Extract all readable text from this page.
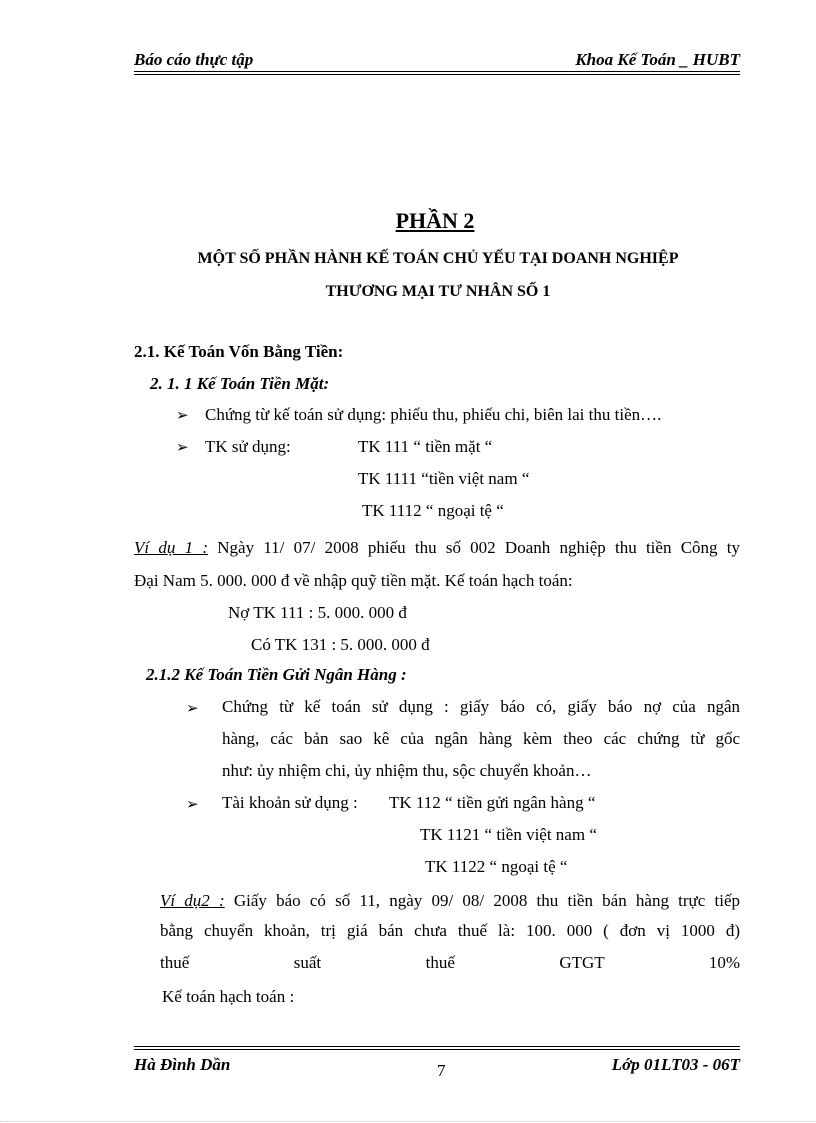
Báo cáo thực tập	Khoa Kế Toán _ HUBT
PHẦN 2
MỘT SỐ PHẦN HÀNH KẾ TOÁN CHỦ YẾU TẠI DOANH NGHIỆP
THƯƠNG MẠI TƯ NHÂN SỐ 1
2.1. Kế Toán Vốn Bằng Tiền:
2. 1. 1 Kế Toán Tiền Mặt:
➢ Chứng từ kế toán sử dụng: phiếu thu, phiếu chi, biên lai thu tiền….
➢ TK sử dụng:	TK 111 “ tiền mặt “
TK 1111 “tiền việt nam “
TK 1112 “ ngoại tệ “
Ví dụ 1 : Ngày 11/ 07/ 2008 phiếu thu số 002 Doanh nghiệp thu tiền Công ty
Đại Nam 5. 000. 000 đ về nhập quỹ tiền mặt. Kế toán hạch toán:
Nợ TK 111 : 5. 000. 000 đ
Có TK 131 : 5. 000. 000 đ
2.1.2 Kế Toán Tiền Gửi Ngân Hàng :
➢ Chứng từ kế toán sử dụng : giấy báo có, giấy báo nợ của ngân
hàng, các bản sao kê của ngân hàng kèm theo các chứng từ gốc
như: ủy nhiệm chi, ủy nhiệm thu, sộc chuyển khoản…
➢ Tài khoản sử dụng : TK 112 “ tiền gửi ngân hàng “
TK 1121 “ tiền việt nam “
TK 1122 “ ngoại tệ “
Ví dụ2 : Giấy báo có số 11, ngày 09/ 08/ 2008 thu tiền bán hàng trực tiếp
bằng chuyển khoản, trị giá bán chưa thuế là: 100. 000 ( đơn vị 1000 đ)
thuế suất thuế GTGT 10%
Kế toán hạch toán :
Hà Đình Dần	7	Lớp 01LT03 - 06T
